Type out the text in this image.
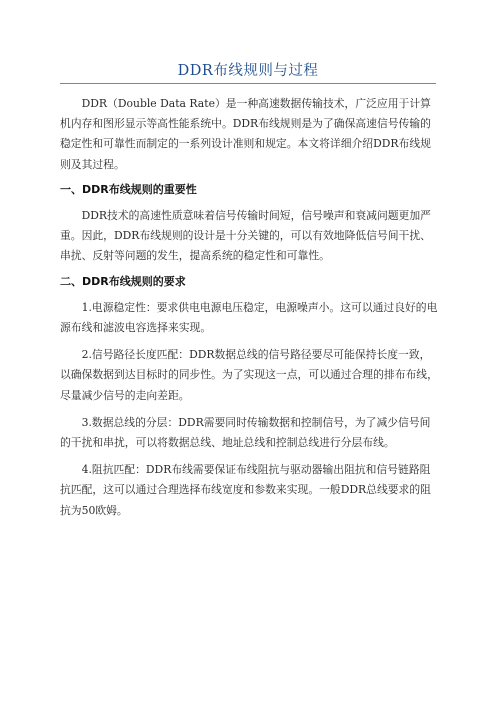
DDR布线规则与过程

DDR（Double Data Rate）是一种高速数据传输技术，广泛应用于计算机内存和图形显示等高性能系统中。DDR布线规则是为了确保高速信号传输的稳定性和可靠性而制定的一系列设计准则和规定。本文将详细介绍DDR布线规则及其过程。

一、DDR布线规则的重要性

DDR技术的高速性质意味着信号传输时间短，信号噪声和衰减问题更加严重。因此，DDR布线规则的设计是十分关键的，可以有效地降低信号间干扰、串扰、反射等问题的发生，提高系统的稳定性和可靠性。

二、DDR布线规则的要求

1.电源稳定性：要求供电电源电压稳定，电源噪声小。这可以通过良好的电源布线和滤波电容选择来实现。

2.信号路径长度匹配：DDR数据总线的信号路径要尽可能保持长度一致，以确保数据到达目标时的同步性。为了实现这一点，可以通过合理的排布布线，尽量减少信号的走向差距。

3.数据总线的分层：DDR需要同时传输数据和控制信号，为了减少信号间的干扰和串扰，可以将数据总线、地址总线和控制总线进行分层布线。

4.阻抗匹配：DDR布线需要保证布线阻抗与驱动器输出阻抗和信号链路阻抗匹配，这可以通过合理选择布线宽度和参数来实现。一般DDR总线要求的阻抗为50欧姆。
